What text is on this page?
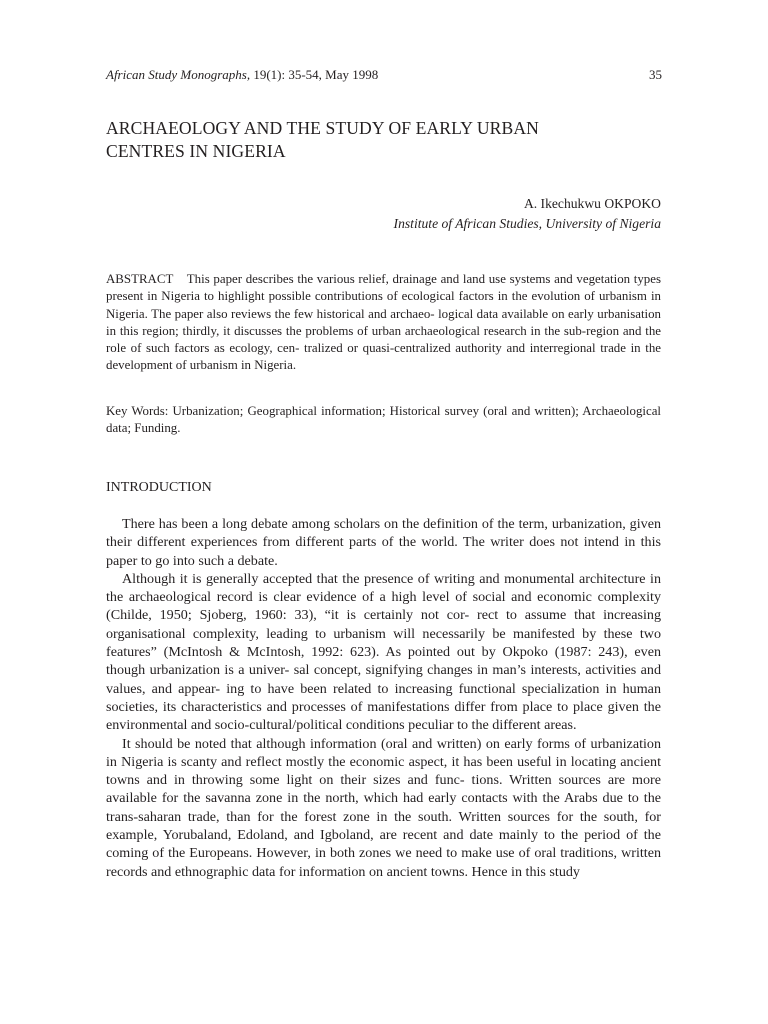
African Study Monographs, 19(1): 35-54, May 1998	35
ARCHAEOLOGY AND THE STUDY OF EARLY URBAN
CENTRES IN NIGERIA
A. Ikechukwu OKPOKO
Institute of African Studies, University of Nigeria

ABSTRACT This paper describes the various relief, drainage and land use systems and vegetation types present in Nigeria to highlight possible contributions of ecological factors in the evolution of urbanism in Nigeria. The paper also reviews the few historical and archaeo- logical data available on early urbanisation in this region; thirdly, it discusses the problems of urban archaeological research in the sub-region and the role of such factors as ecology, cen- tralized or quasi-centralized authority and interregional trade in the development of urbanism in Nigeria.

Key Words: Urbanization; Geographical information; Historical survey (oral and written); Archaeological data; Funding.

INTRODUCTION

There has been a long debate among scholars on the definition of the term, urbanization, given their different experiences from different parts of the world. The writer does not intend in this paper to go into such a debate.

Although it is generally accepted that the presence of writing and monumental architecture in the archaeological record is clear evidence of a high level of social and economic complexity (Childe, 1950; Sjoberg, 1960: 33), “it is certainly not cor- rect to assume that increasing organisational complexity, leading to urbanism will necessarily be manifested by these two features” (McIntosh & McIntosh, 1992: 623). As pointed out by Okpoko (1987: 243), even though urbanization is a univer- sal concept, signifying changes in man’s interests, activities and values, and appear- ing to have been related to increasing functional specialization in human societies, its characteristics and processes of manifestations differ from place to place given the environmental and socio-cultural/political conditions peculiar to the different areas.

It should be noted that although information (oral and written) on early forms of urbanization in Nigeria is scanty and reflect mostly the economic aspect, it has been useful in locating ancient towns and in throwing some light on their sizes and func- tions. Written sources are more available for the savanna zone in the north, which had early contacts with the Arabs due to the trans-saharan trade, than for the forest zone in the south. Written sources for the south, for example, Yorubaland, Edoland, and Igboland, are recent and date mainly to the period of the coming of the Europeans. However, in both zones we need to make use of oral traditions, written records and ethnographic data for information on ancient towns. Hence in this study
